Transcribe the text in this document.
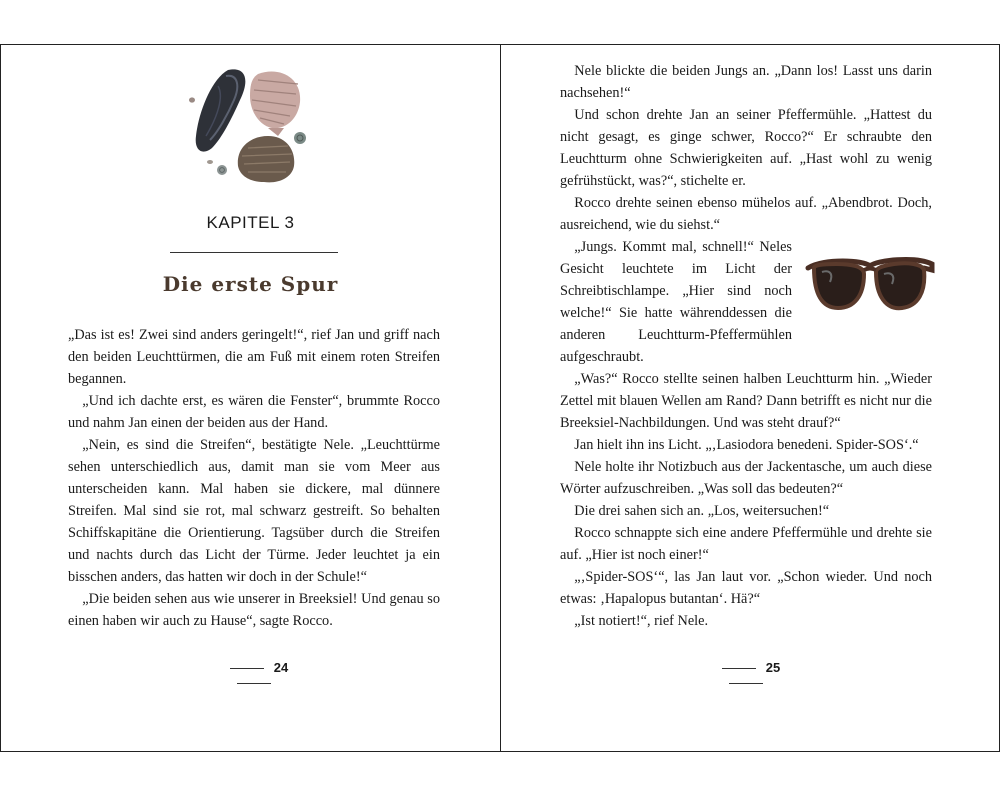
KAPITEL 3
Die erste Spur

„Das ist es! Zwei sind anders geringelt!“, rief Jan und griff nach den beiden Leuchttürmen, die am Fuß mit einem roten Streifen begannen.

„Und ich dachte erst, es wären die Fenster“, brummte Rocco und nahm Jan einen der beiden aus der Hand.

„Nein, es sind die Streifen“, bestätigte Nele. „Leuchttürme sehen unterschiedlich aus, damit man sie vom Meer aus unterscheiden kann. Mal haben sie dickere, mal dünnere Streifen. Mal sind sie rot, mal schwarz gestreift. So behalten Schiffskapitäne die Orientierung. Tagsüber durch die Streifen und nachts durch das Licht der Türme. Jeder leuchtet ja ein bisschen anders, das hatten wir doch in der Schule!“

„Die beiden sehen aus wie unserer in Breeksiel! Und genau so einen haben wir auch zu Hause“, sagte Rocco.

Nele blickte die beiden Jungs an. „Dann los! Lasst uns darin nachsehen!“

Und schon drehte Jan an seiner Pfeffermühle. „Hattest du nicht gesagt, es ginge schwer, Rocco?“ Er schraubte den Leuchtturm ohne Schwierigkeiten auf. „Hast wohl zu wenig gefrühstückt, was?“, stichelte er.

Rocco drehte seinen ebenso mühelos auf. „Abendbrot. Doch, ausreichend, wie du siehst.“

„Jungs. Kommt mal, schnell!“ Neles Gesicht leuchtete im Licht der Schreibtischlampe. „Hier sind noch welche!“ Sie hatte währenddessen die anderen Leuchtturm-Pfeffermühlen aufgeschraubt.

„Was?“ Rocco stellte seinen halben Leuchtturm hin. „Wieder Zettel mit blauen Wellen am Rand? Dann betrifft es nicht nur die Breeksiel-Nachbildungen. Und was steht drauf?“

Jan hielt ihn ins Licht. „‚Lasiodora benedeni. Spider-SOS‘.“

Nele holte ihr Notizbuch aus der Jackentasche, um auch diese Wörter aufzuschreiben. „Was soll das bedeuten?“

Die drei sahen sich an. „Los, weitersuchen!“

Rocco schnappte sich eine andere Pfeffermühle und drehte sie auf. „Hier ist noch einer!“

„‚Spider-SOS‘“, las Jan laut vor. „Schon wieder. Und noch etwas: ‚Hapalopus butantan‘. Hä?“

„Ist notiert!“, rief Nele.

24	25
